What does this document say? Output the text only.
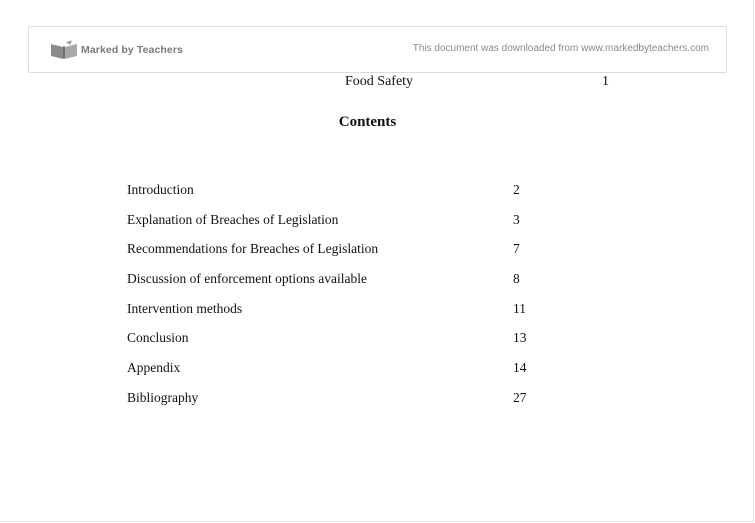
Marked by Teachers	This document was downloaded from www.markedbyteachers.com
Food Safety	1
Contents
Introduction	2
Explanation of Breaches of Legislation	3
Recommendations for Breaches of Legislation	7
Discussion of enforcement options available	8
Intervention methods	11
Conclusion	13
Appendix	14
Bibliography	27
